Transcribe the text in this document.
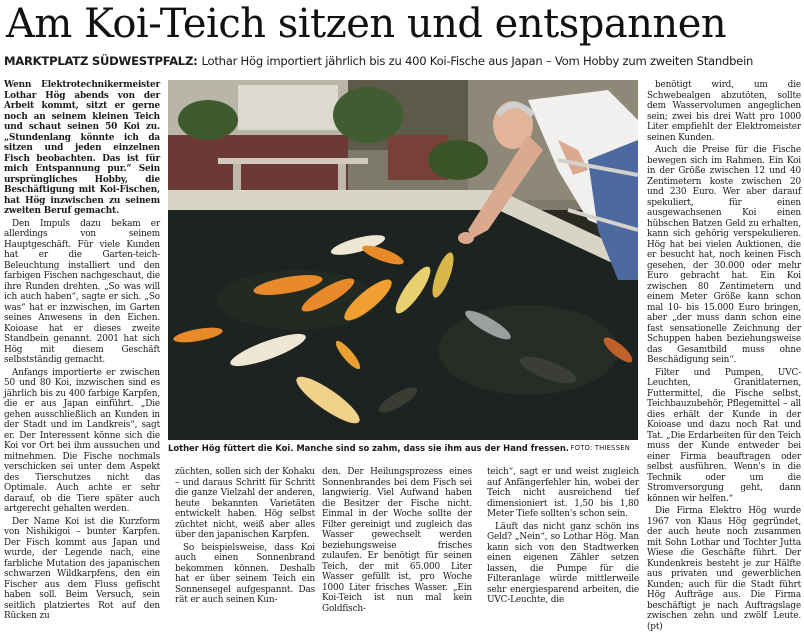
Am Koi-Teich sitzen und entspannen
MARKTPLATZ SÜDWESTPFALZ: Lothar Hög importiert jährlich bis zu 400 Koi-Fische aus Japan – Vom Hobby zum zweiten Standbein

Wenn Elektrotechnikermeister Lothar Hög abends von der Arbeit kommt, sitzt er gerne noch an seinem kleinen Teich und schaut seinen 50 Koi zu. „Stundenlang könnte ich da sitzen und jeden einzelnen Fisch beobachten. Das ist für mich Entspannung pur.“ Sein ursprüngliches Hobby, die Beschäftigung mit Koi-Fischen, hat Hög inzwischen zu seinem zweiten Beruf gemacht.

Den Impuls dazu bekam er allerdings von seinem Hauptgeschäft. Für viele Kunden hat er die Garten-teich-Beleuchtung installiert und den farbigen Fischen nachgeschaut, die ihre Runden drehten. „So was will ich auch haben“, sagte er sich. „So was“ hat er inzwischen, im Garten seines Anwesens in den Eichen. Koioase hat er dieses zweite Standbein genannt. 2001 hat sich Hög mit diesem Geschäft selbstständig gemacht.

Anfangs importierte er zwischen 50 und 80 Koi, inzwischen sind es jährlich bis zu 400 farbige Karpfen, die er aus Japan einführt. „Die gehen ausschließlich an Kunden in der Stadt und im Landkreis“, sagt er. Der Interessent könne sich die Koi vor Ort bei ihm aussuchen und mitnehmen. Die Fische nochmals verschicken sei unter dem Aspekt des Tierschutzes nicht das Optimale. Auch achte er sehr darauf, ob die Tiere später auch artgerecht gehalten werden.

Der Name Koi ist die Kurzform von Nishikigoi – bunter Karpfen. Der Fisch kommt aus Japan und wurde, der Legende nach, eine farbliche Mutation des japanischen schwarzen Wildkarpfens, den ein Fischer aus dem Fluss gefischt haben soll. Beim Versuch, sein seitlich platziertes Rot auf den Rücken zu

Lother Hög füttert die Koi. Manche sind so zahm, dass sie ihm aus der Hand fressen. FOTO: THIESSEN

züchten, sollen sich der Kohaku – und daraus Schritt für Schritt die ganze Vielzahl der anderen, heute bekannten Varietäten entwickelt haben. Hög selbst züchtet nicht, weiß aber alles über den japanischen Karpfen.

So beispielsweise, dass Koi auch einen Sonnenbrand bekommen können. Deshalb hat er über seinem Teich ein Sonnensegel aufgespannt. Das rät er auch seinen Kun-

den. Der Heilungsprozess eines Sonnenbrandes bei dem Fisch sei langwierig. Viel Aufwand haben die Besitzer der Fische nicht. Einmal in der Woche sollte der Filter gereinigt und zugleich das Wasser gewechselt werden beziehungsweise frisches zulaufen. Er benötigt für seinen Teich, der mit 65.000 Liter Wasser gefüllt ist, pro Woche 1000 Liter frisches Wasser. „Ein Koi-Teich ist nun mal kein Goldfisch-

teich“, sagt er und weist zugleich auf Anfängerfehler hin, wobei der Teich nicht ausreichend tief dimensioniert ist. 1,50 bis 1,80 Meter Tiefe sollten's schon sein.

Läuft das nicht ganz schön ins Geld? „Nein“, so Lothar Hög. Man kann sich von den Stadtwerken einen eigenen Zähler setzen lassen, die Pumpe für die Filteranlage würde mittlerweile sehr energiesparend arbeiten, die UVC-Leuchte, die

benötigt wird, um die Schwebealgen abzutöten, sollte dem Wasservolumen angeglichen sein; zwei bis drei Watt pro 1000 Liter empfiehlt der Elektromeister seinen Kunden.

Auch die Preise für die Fische bewegen sich im Rahmen. Ein Koi in der Größe zwischen 12 und 40 Zentimetern koste zwischen 20 und 230 Euro. Wer aber darauf spekuliert, für einen ausgewachsenen Koi einen hübschen Batzen Geld zu erhalten, kann sich gehörig verspekulieren. Hög hat bei vielen Auktionen, die er besucht hat, noch keinen Fisch gesehen, der 30.000 oder mehr Euro gebracht hat. Ein Koi zwischen 80 Zentimetern und einem Meter Größe kann schon mal 10- bis 15.000 Euro bringen, aber „der muss dann schon eine fast sensationelle Zeichnung der Schuppen haben beziehungsweise das Gesamtbild muss ohne Beschädigung sein“.

Filter und Pumpen, UVC-Leuchten, Granitlaternen, Futtermittel, die Fische selbst, Teichbauzubehör, Pflegemittel – all dies erhält der Kunde in der Koioase und dazu noch Rat und Tat. „Die Erdarbeiten für den Teich muss der Kunde entweder bei einer Firma beauftragen oder selbst ausführen. Wenn's in die Technik oder um die Stromversorgung geht, dann können wir helfen.“

Die Firma Elektro Hög wurde 1967 von Klaus Hög gegründet, der auch heute noch zusammen mit Sohn Lothar und Tochter Jutta Wiese die Geschäfte führt. Der Kundenkreis besteht je zur Hälfte aus privaten und gewerblichen Kunden; auch für die Stadt führt Hög Aufträge aus. Die Firma beschäftigt je nach Auftragslage zwischen zehn und zwölf Leute. (pt)
